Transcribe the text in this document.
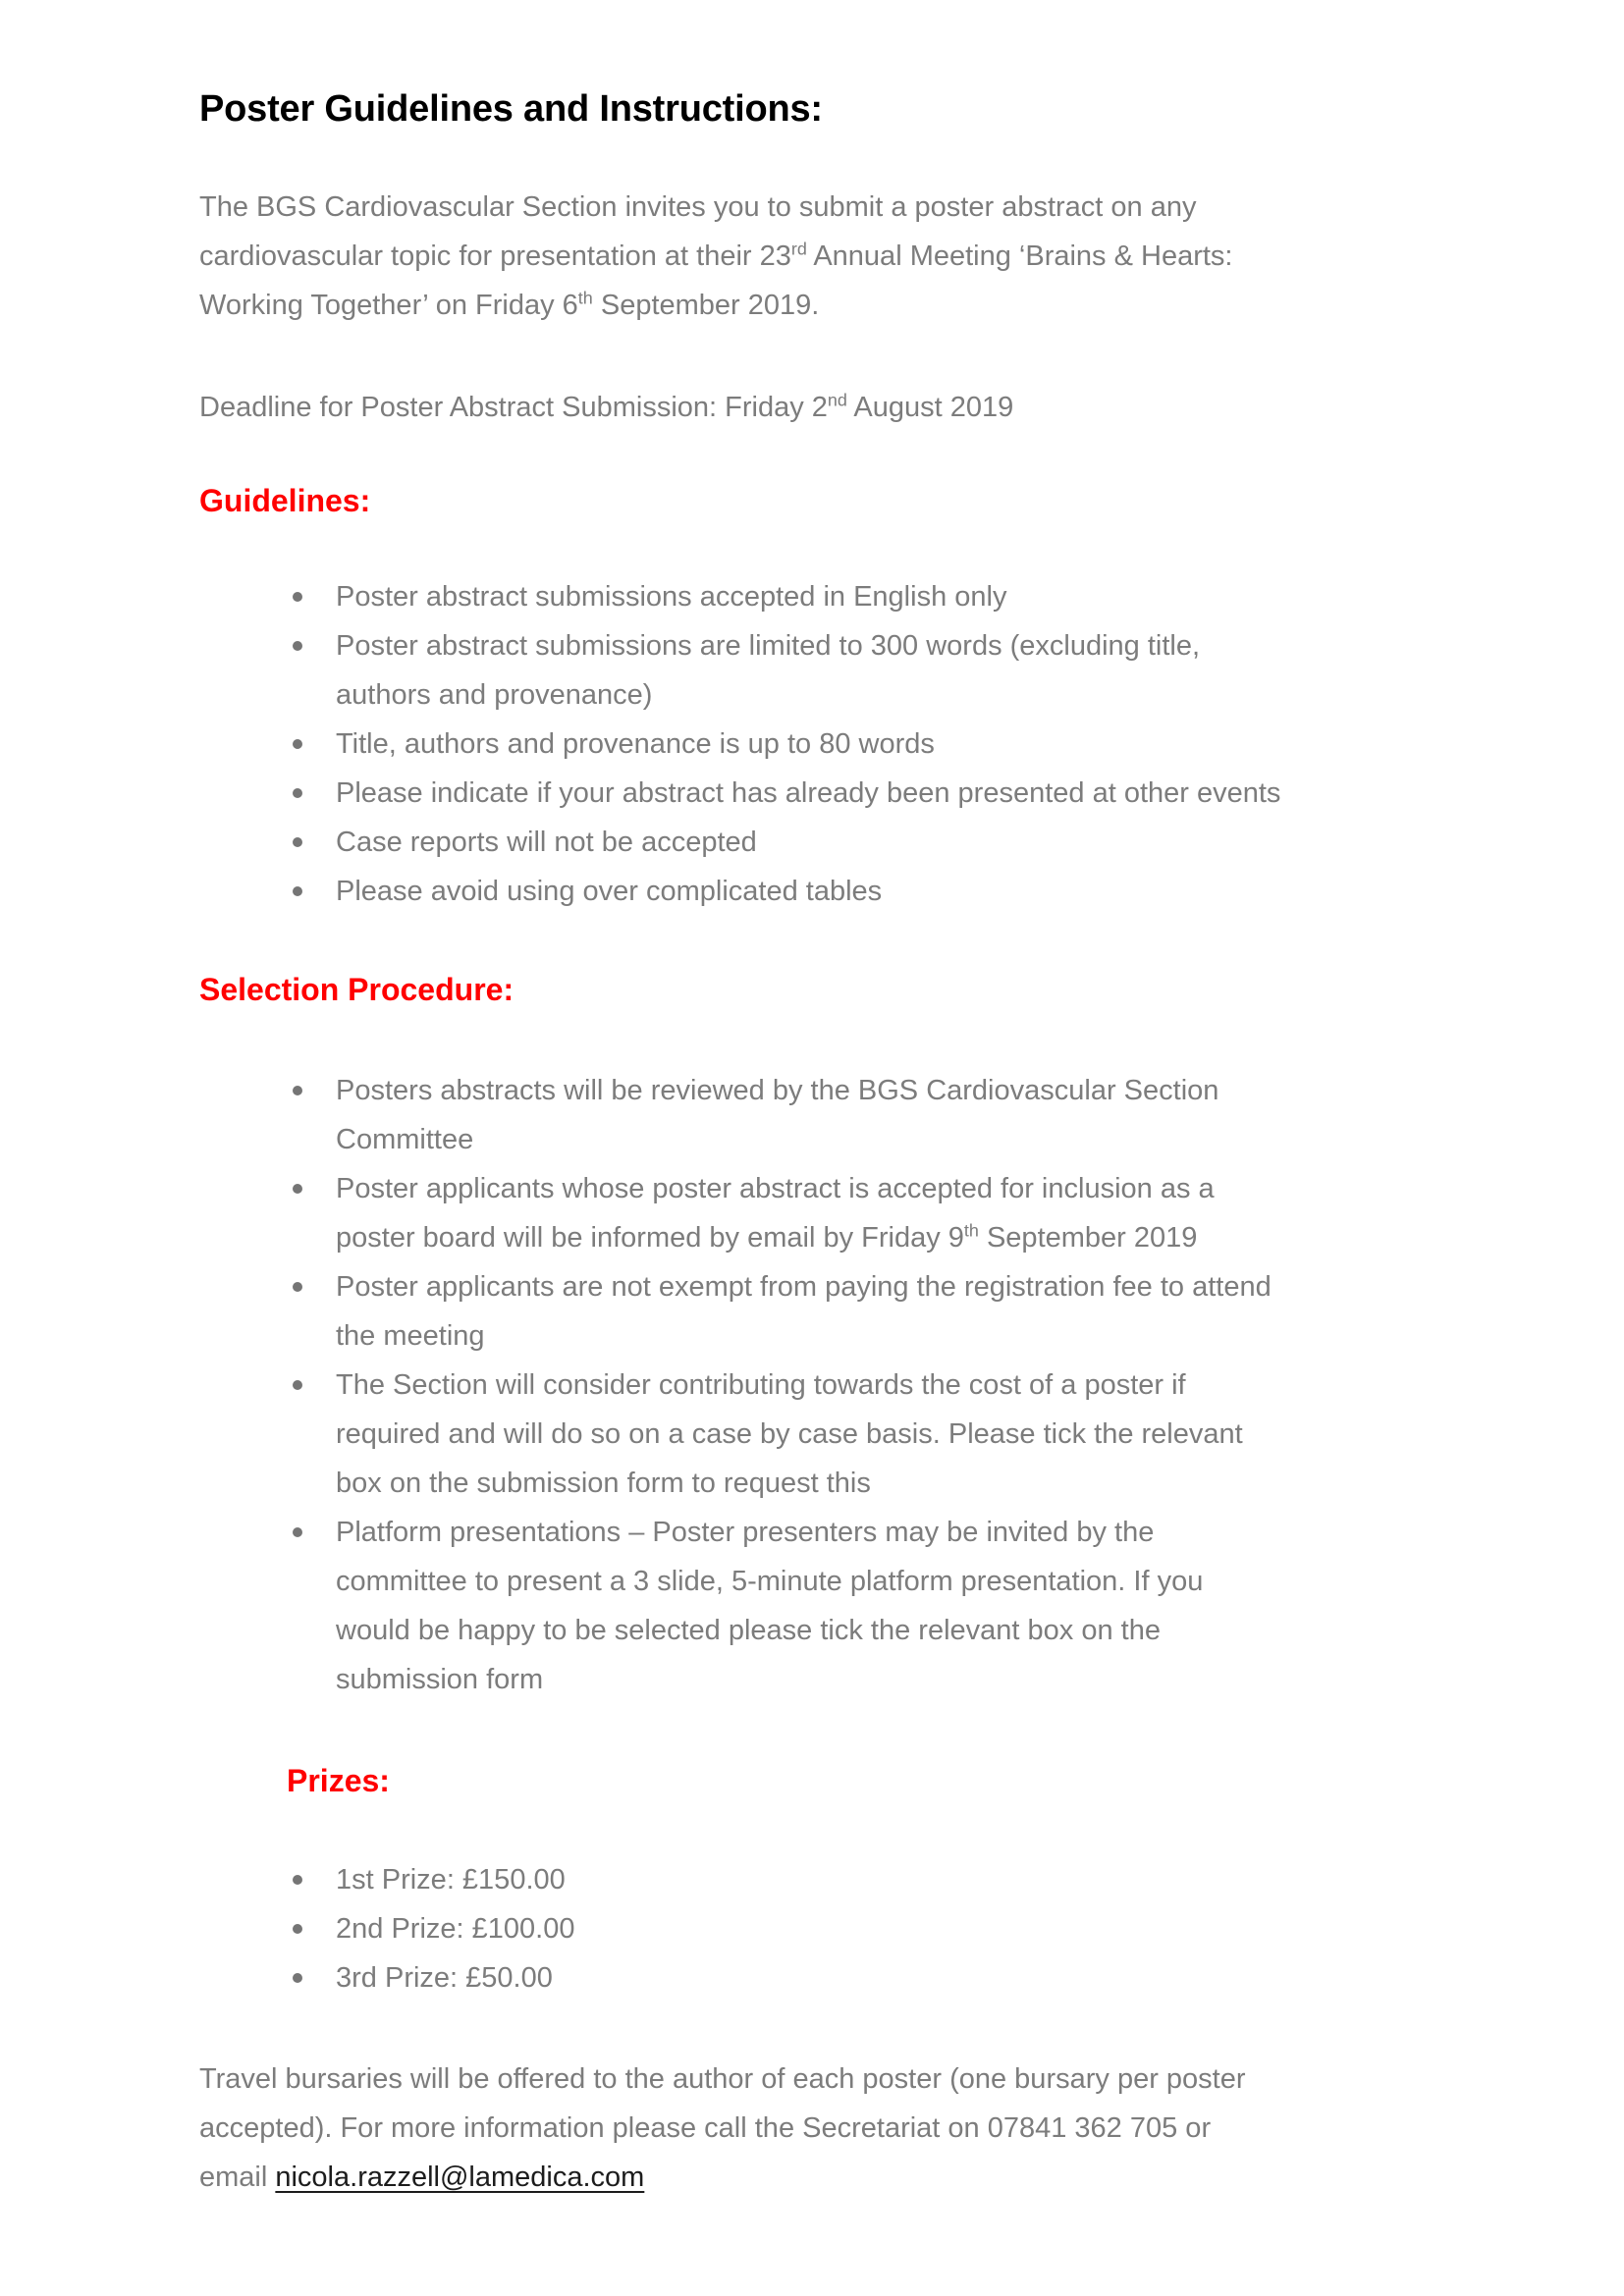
Poster Guidelines and Instructions:

The BGS Cardiovascular Section invites you to submit a poster abstract on any
cardiovascular topic for presentation at their 23rd Annual Meeting ‘Brains & Hearts:
Working Together’ on Friday 6th September 2019.

Deadline for Poster Abstract Submission: Friday 2nd August 2019

Guidelines:
Poster abstract submissions accepted in English only
Poster abstract submissions are limited to 300 words (excluding title,
authors and provenance)
Title, authors and provenance is up to 80 words
Please indicate if your abstract has already been presented at other events
Case reports will not be accepted
Please avoid using over complicated tables
Selection Procedure:
Posters abstracts will be reviewed by the BGS Cardiovascular Section
Committee
Poster applicants whose poster abstract is accepted for inclusion as a
poster board will be informed by email by Friday 9th September 2019
Poster applicants are not exempt from paying the registration fee to attend
the meeting
The Section will consider contributing towards the cost of a poster if
required and will do so on a case by case basis. Please tick the relevant
box on the submission form to request this
Platform presentations – Poster presenters may be invited by the
committee to present a 3 slide, 5-minute platform presentation. If you
would be happy to be selected please tick the relevant box on the
submission form
Prizes:
1st Prize: £150.00
2nd Prize: £100.00
3rd Prize: £50.00

Travel bursaries will be offered to the author of each poster (one bursary per poster
accepted). For more information please call the Secretariat on 07841 362 705 or
email nicola.razzell@lamedica.com
